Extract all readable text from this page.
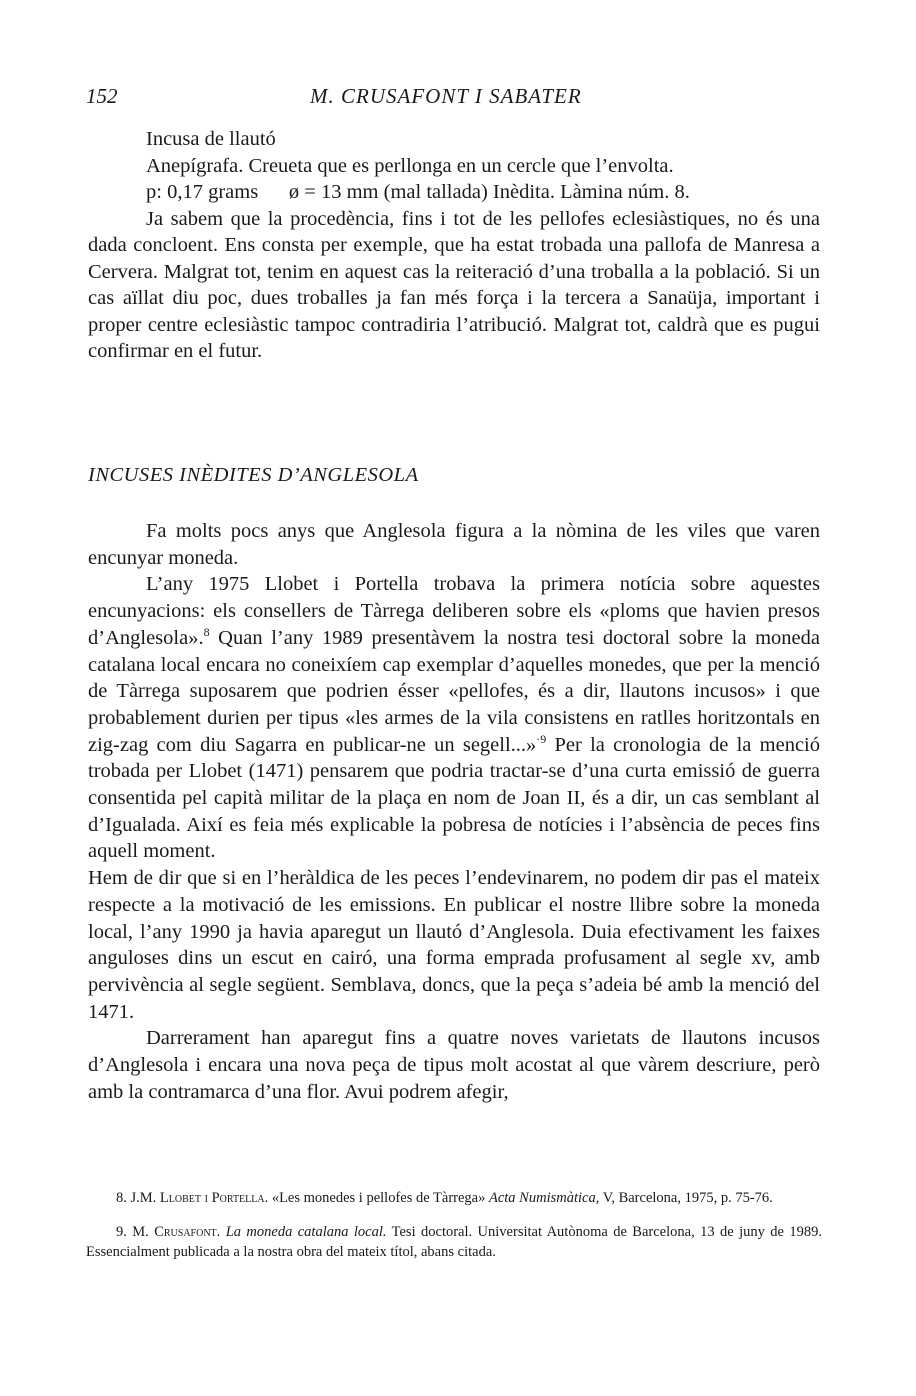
152	M. CRUSAFONT I SABATER

Incusa de llautó

Anepígrafa. Creueta que es perllonga en un cercle que l’envolta.

p: 0,17 grams      ø = 13 mm (mal tallada) Inèdita. Làmina núm. 8.

Ja sabem que la procedència, fins i tot de les pellofes eclesiàstiques, no és una dada concloent. Ens consta per exemple, que ha estat trobada una pallofa de Manresa a Cervera. Malgrat tot, tenim en aquest cas la reiteració d’una troballa a la població. Si un cas aïllat diu poc, dues troballes ja fan més força i la tercera a Sanaüja, important i proper centre eclesiàstic tampoc contradiria l’atribució. Malgrat tot, caldrà que es pugui confirmar en el futur.

INCUSES INÈDITES D’ANGLESOLA

Fa molts pocs anys que Anglesola figura a la nòmina de les viles que varen encunyar moneda.

L’any 1975 Llobet i Portella trobava la primera notícia sobre aquestes encunyacions: els consellers de Tàrrega deliberen sobre els «ploms que havien presos d’Anglesola».$^8$ Quan l’any 1989 presentàvem la nostra tesi doctoral sobre la moneda catalana local encara no coneixíem cap exemplar d’aquelles monedes, que per la menció de Tàrrega suposarem que podrien ésser «pellofes, és a dir, llautons incusos» i que probablement durien per tipus «les armes de la vila consistens en ratlles horitzontals en zig-zag com diu Sagarra en publicar-ne un segell...»$^{\cdot 9}$ Per la cronologia de la menció trobada per Llobet (1471) pensarem que podria tractar-se d’una curta emissió de guerra consentida pel capità militar de la plaça en nom de Joan II, és a dir, un cas semblant al d’Igualada. Així es feia més explicable la pobresa de notícies i l’absència de peces fins aquell moment.

Hem de dir que si en l’heràldica de les peces l’endevinarem, no podem dir pas el mateix respecte a la motivació de les emissions. En publicar el nostre llibre sobre la moneda local, l’any 1990 ja havia aparegut un llautó d’Anglesola. Duia efectivament les faixes anguloses dins un escut en cairó, una forma emprada profusament al segle xv, amb pervivència al segle següent. Semblava, doncs, que la peça s’adeia bé amb la menció del 1471.

Darrerament han aparegut fins a quatre noves varietats de llautons incusos d’Anglesola i encara una nova peça de tipus molt acostat al que vàrem descriure, però amb la contramarca d’una flor. Avui podrem afegir,

8. J.M. Llobet i Portella. «Les monedes i pellofes de Tàrrega» Acta Numismàtica, V, Barcelona, 1975, p. 75-76.

9. M. Crusafont. La moneda catalana local. Tesi doctoral. Universitat Autònoma de Barcelona, 13 de juny de 1989. Essencialment publicada a la nostra obra del mateix títol, abans citada.
